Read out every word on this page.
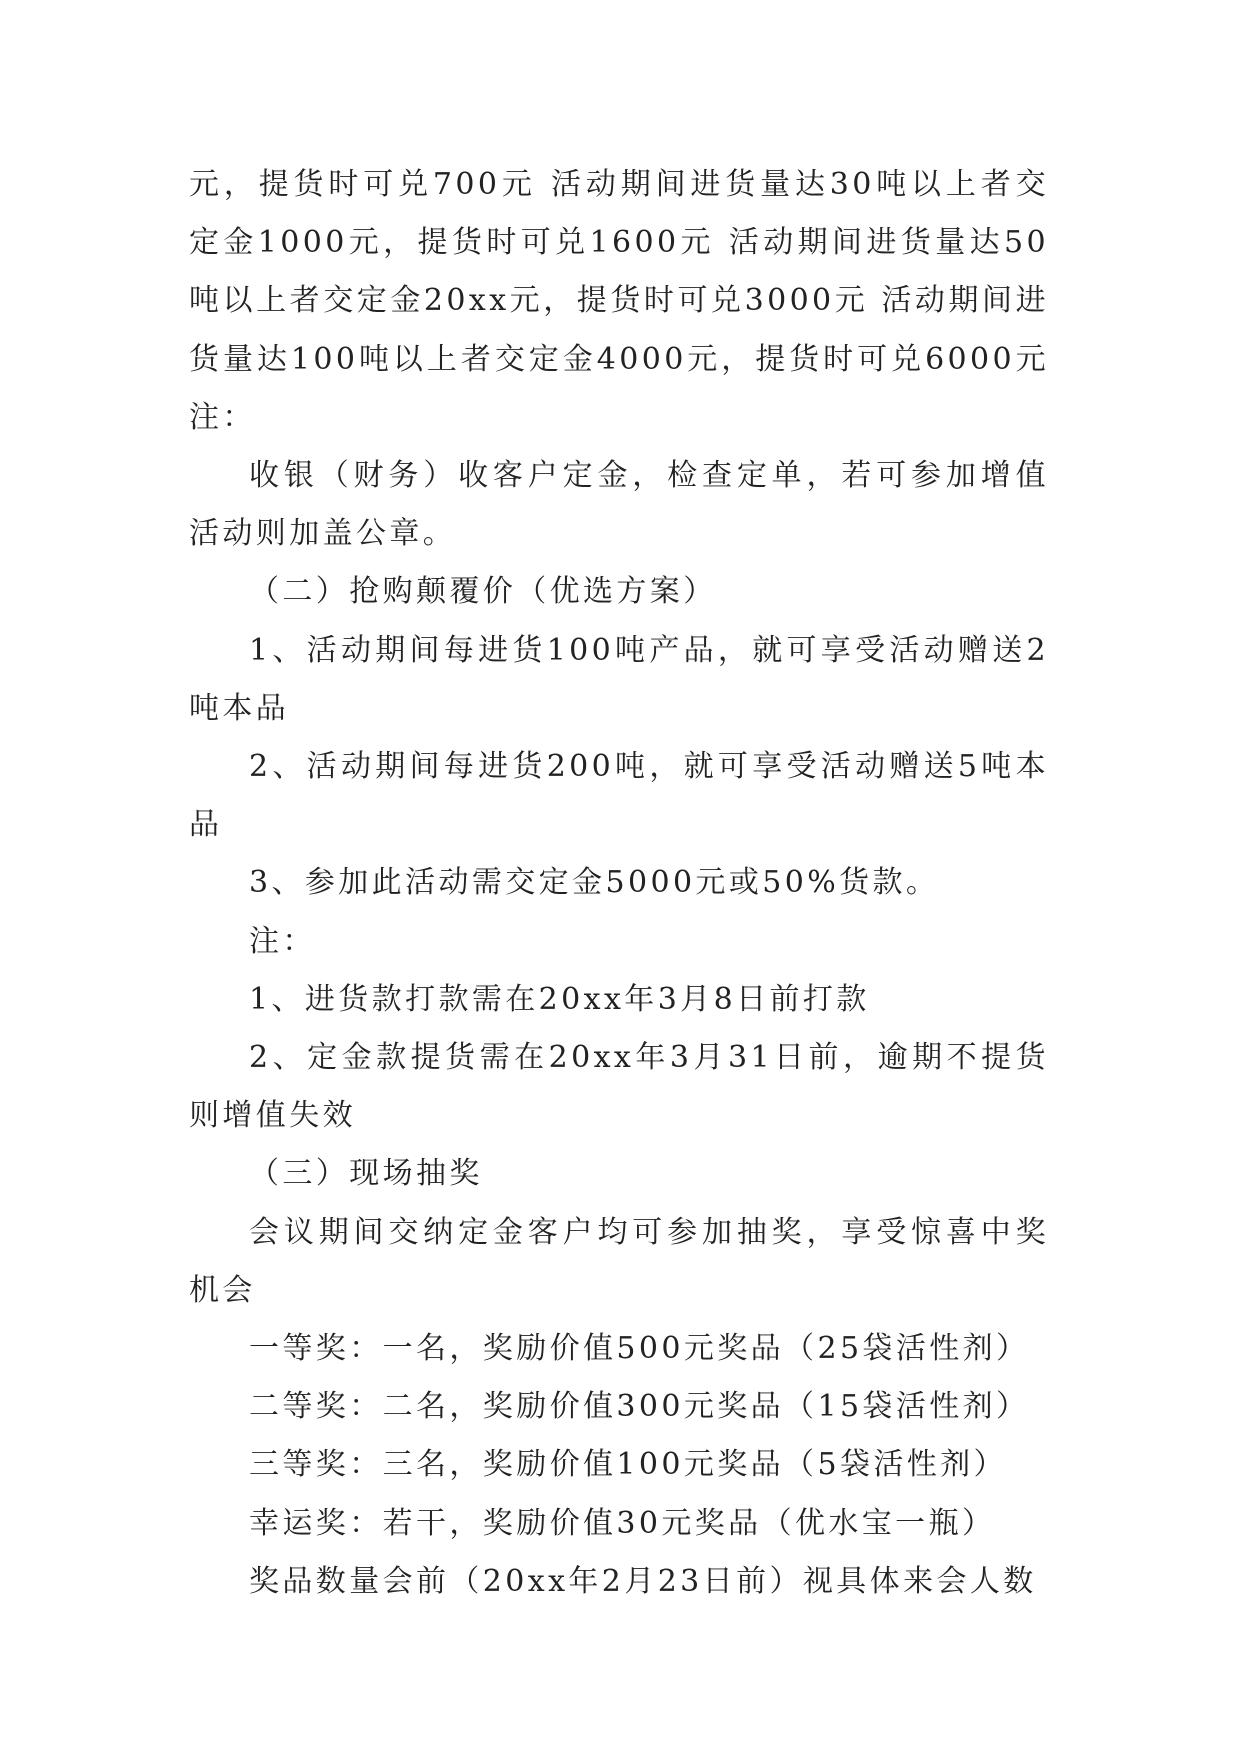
元，提货时可兑700元 活动期间进货量达30吨以上者交定金1000元，提货时可兑1600元 活动期间进货量达50吨以上者交定金20xx元，提货时可兑3000元 活动期间进货量达100吨以上者交定金4000元，提货时可兑6000元 注：

收银（财务）收客户定金，检查定单，若可参加增值活动则加盖公章。

（二）抢购颠覆价（优选方案）

1、活动期间每进货100吨产品，就可享受活动赠送2吨本品

2、活动期间每进货200吨，就可享受活动赠送5吨本品

3、参加此活动需交定金5000元或50%货款。

注：

1、进货款打款需在20xx年3月8日前打款

2、定金款提货需在20xx年3月31日前，逾期不提货则增值失效

（三）现场抽奖

会议期间交纳定金客户均可参加抽奖，享受惊喜中奖机会

一等奖：一名，奖励价值500元奖品（25袋活性剂）

二等奖：二名，奖励价值300元奖品（15袋活性剂）

三等奖：三名，奖励价值100元奖品（5袋活性剂）

幸运奖：若干，奖励价值30元奖品（优水宝一瓶）

奖品数量会前（20xx年2月23日前）视具体来会人数
